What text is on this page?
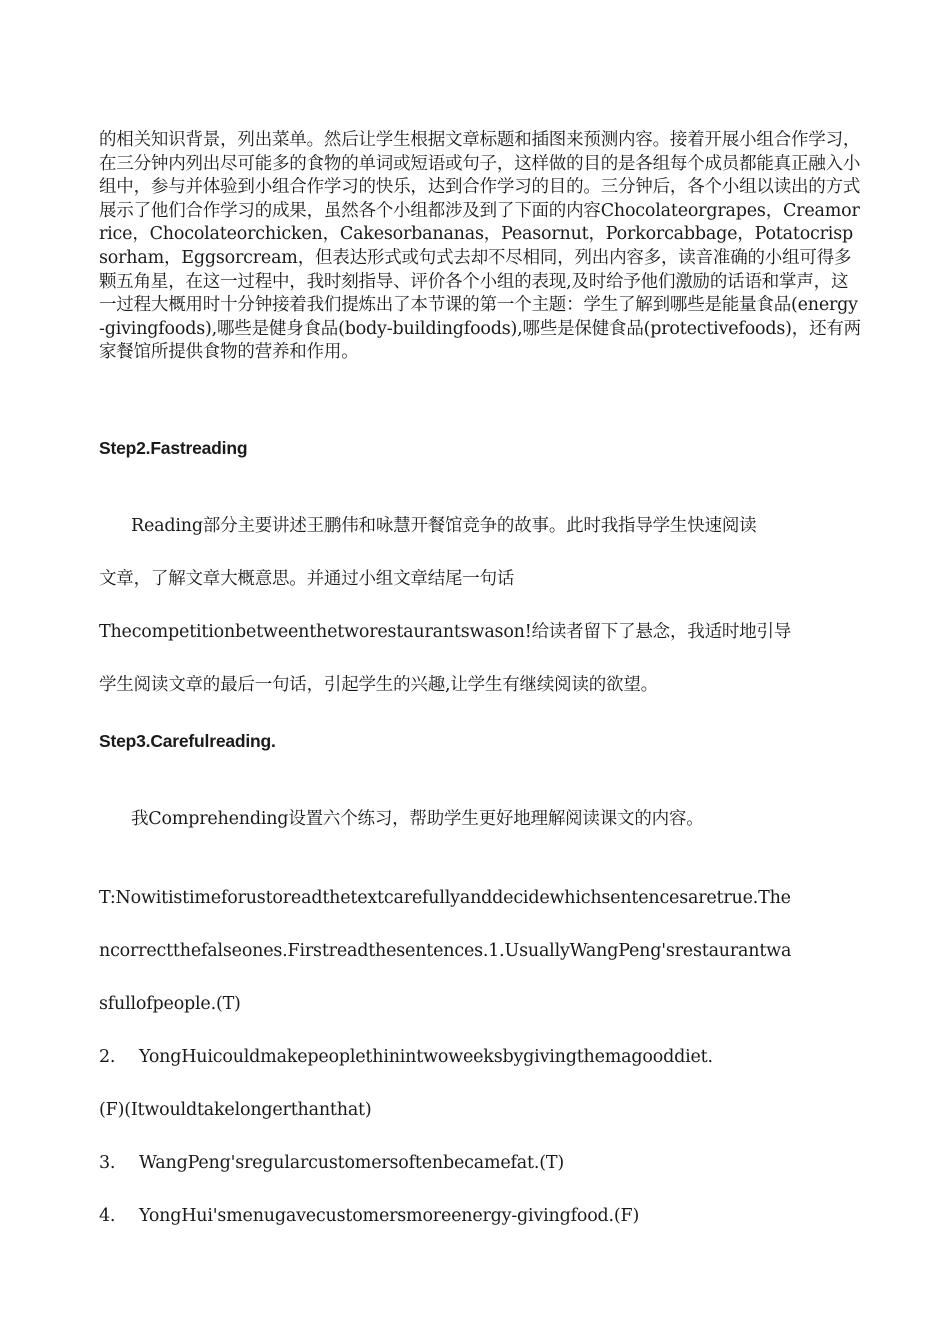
的相关知识背景，列出菜单。然后让学生根据文章标题和插图来预测内容。接着开展小组合作学习，在三分钟内列出尽可能多的食物的单词或短语或句子，这样做的目的是各组每个成员都能真正融入小组中，参与并体验到小组合作学习的快乐，达到合作学习的目的。三分钟后，各个小组以读出的方式展示了他们合作学习的成果，虽然各个小组都涉及到了下面的内容Chocolateorgrapes，Creamorrice，Chocolateorchicken，Cakesorbananas，Peasornut，Porkorcabbage，Potatocrispsorham，Eggsorcream，但表达形式或句式去却不尽相同，列出内容多，读音准确的小组可得多颗五角星，在这一过程中，我时刻指导、评价各个小组的表现,及时给予他们激励的话语和掌声，这一过程大概用时十分钟接着我们提炼出了本节课的第一个主题：学生了解到哪些是能量食品(energy-givingfoods),哪些是健身食品(body-buildingfoods),哪些是保健食品(protectivefoods)，还有两家餐馆所提供食物的营养和作用。

Step2.Fastreading

Reading部分主要讲述王鹏伟和咏慧开餐馆竞争的故事。此时我指导学生快速阅读

文章，了解文章大概意思。并通过小组文章结尾一句话

Thecompetitionbetweenthetworestaurantswason!给读者留下了悬念，我适时地引导

学生阅读文章的最后一句话，引起学生的兴趣,让学生有继续阅读的欲望。

Step3.Carefulreading.

我Comprehending设置六个练习，帮助学生更好地理解阅读课文的内容。

T:Nowitistimeforustoreadthetextcarefullyanddecidewhichsentencesaretrue.The

ncorrectthefalseones.Firstreadthesentences.1.UsuallyWangPeng'srestaurantwa

sfullofpeople.(T)

2. YongHuicouldmakepeoplethinintwoweeksbygivingthemagooddiet.

(F)(Itwouldtakelongerthanthat)

3. WangPeng'sregularcustomersoftenbecamefat.(T)

4. YongHui'smenugavecustomersmoreenergy-givingfood.(F)
